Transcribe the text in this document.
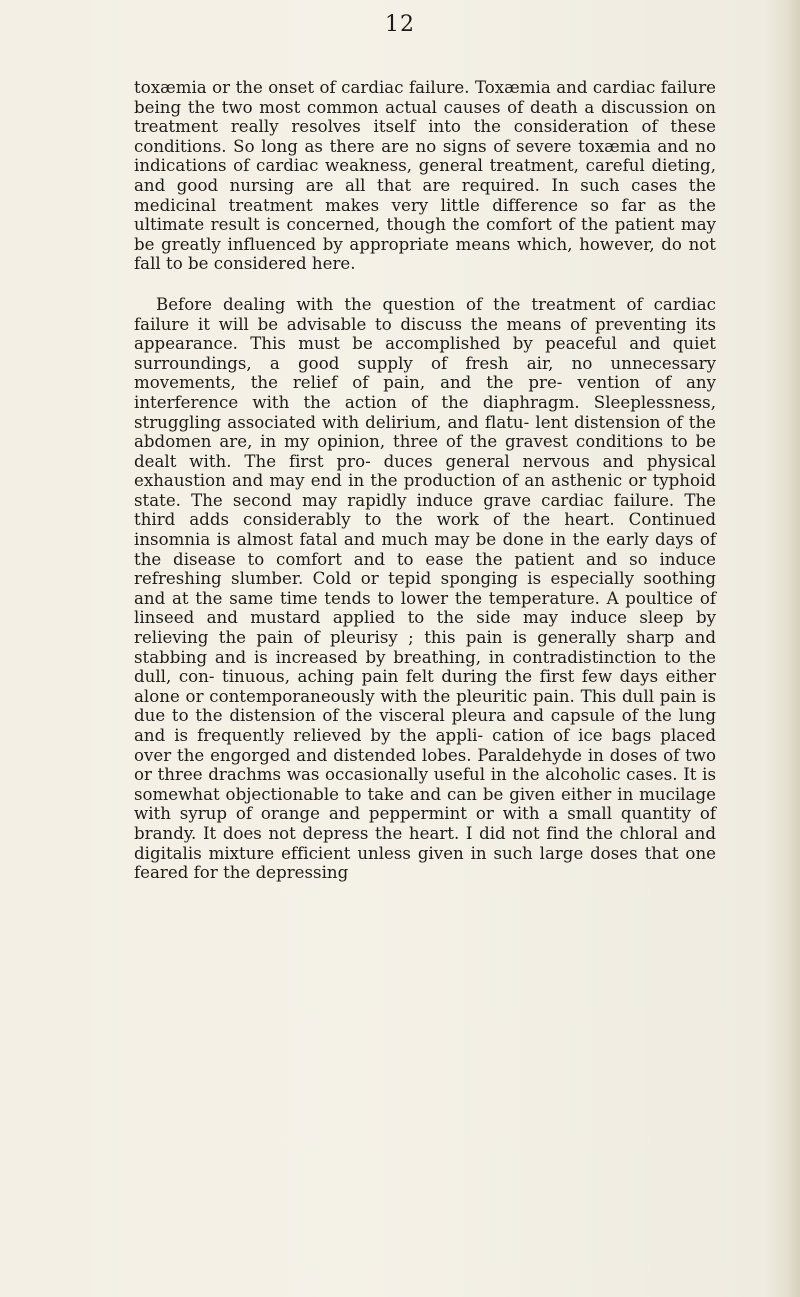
12

toxæmia or the onset of cardiac failure. Toxæmia and cardiac failure being the two most common actual causes of death a discussion on treatment really resolves itself into the consideration of these conditions. So long as there are no signs of severe toxæmia and no indications of cardiac weakness, general treatment, careful dieting, and good nursing are all that are required. In such cases the medicinal treatment makes very little difference so far as the ultimate result is concerned, though the comfort of the patient may be greatly influenced by appropriate means which, however, do not fall to be considered here.

Before dealing with the question of the treatment of cardiac failure it will be advisable to discuss the means of preventing its appearance. This must be accomplished by peaceful and quiet surroundings, a good supply of fresh air, no unnecessary movements, the relief of pain, and the pre- vention of any interference with the action of the diaphragm. Sleeplessness, struggling associated with delirium, and flatu- lent distension of the abdomen are, in my opinion, three of the gravest conditions to be dealt with. The first pro- duces general nervous and physical exhaustion and may end in the production of an asthenic or typhoid state. The second may rapidly induce grave cardiac failure. The third adds considerably to the work of the heart. Continued insomnia is almost fatal and much may be done in the early days of the disease to comfort and to ease the patient and so induce refreshing slumber. Cold or tepid sponging is especially soothing and at the same time tends to lower the temperature. A poultice of linseed and mustard applied to the side may induce sleep by relieving the pain of pleurisy ; this pain is generally sharp and stabbing and is increased by breathing, in contradistinction to the dull, con- tinuous, aching pain felt during the first few days either alone or contemporaneously with the pleuritic pain. This dull pain is due to the distension of the visceral pleura and capsule of the lung and is frequently relieved by the appli- cation of ice bags placed over the engorged and distended lobes. Paraldehyde in doses of two or three drachms was occasionally useful in the alcoholic cases. It is somewhat objectionable to take and can be given either in mucilage with syrup of orange and peppermint or with a small quantity of brandy. It does not depress the heart. I did not find the chloral and digitalis mixture efficient unless given in such large doses that one feared for the depressing
